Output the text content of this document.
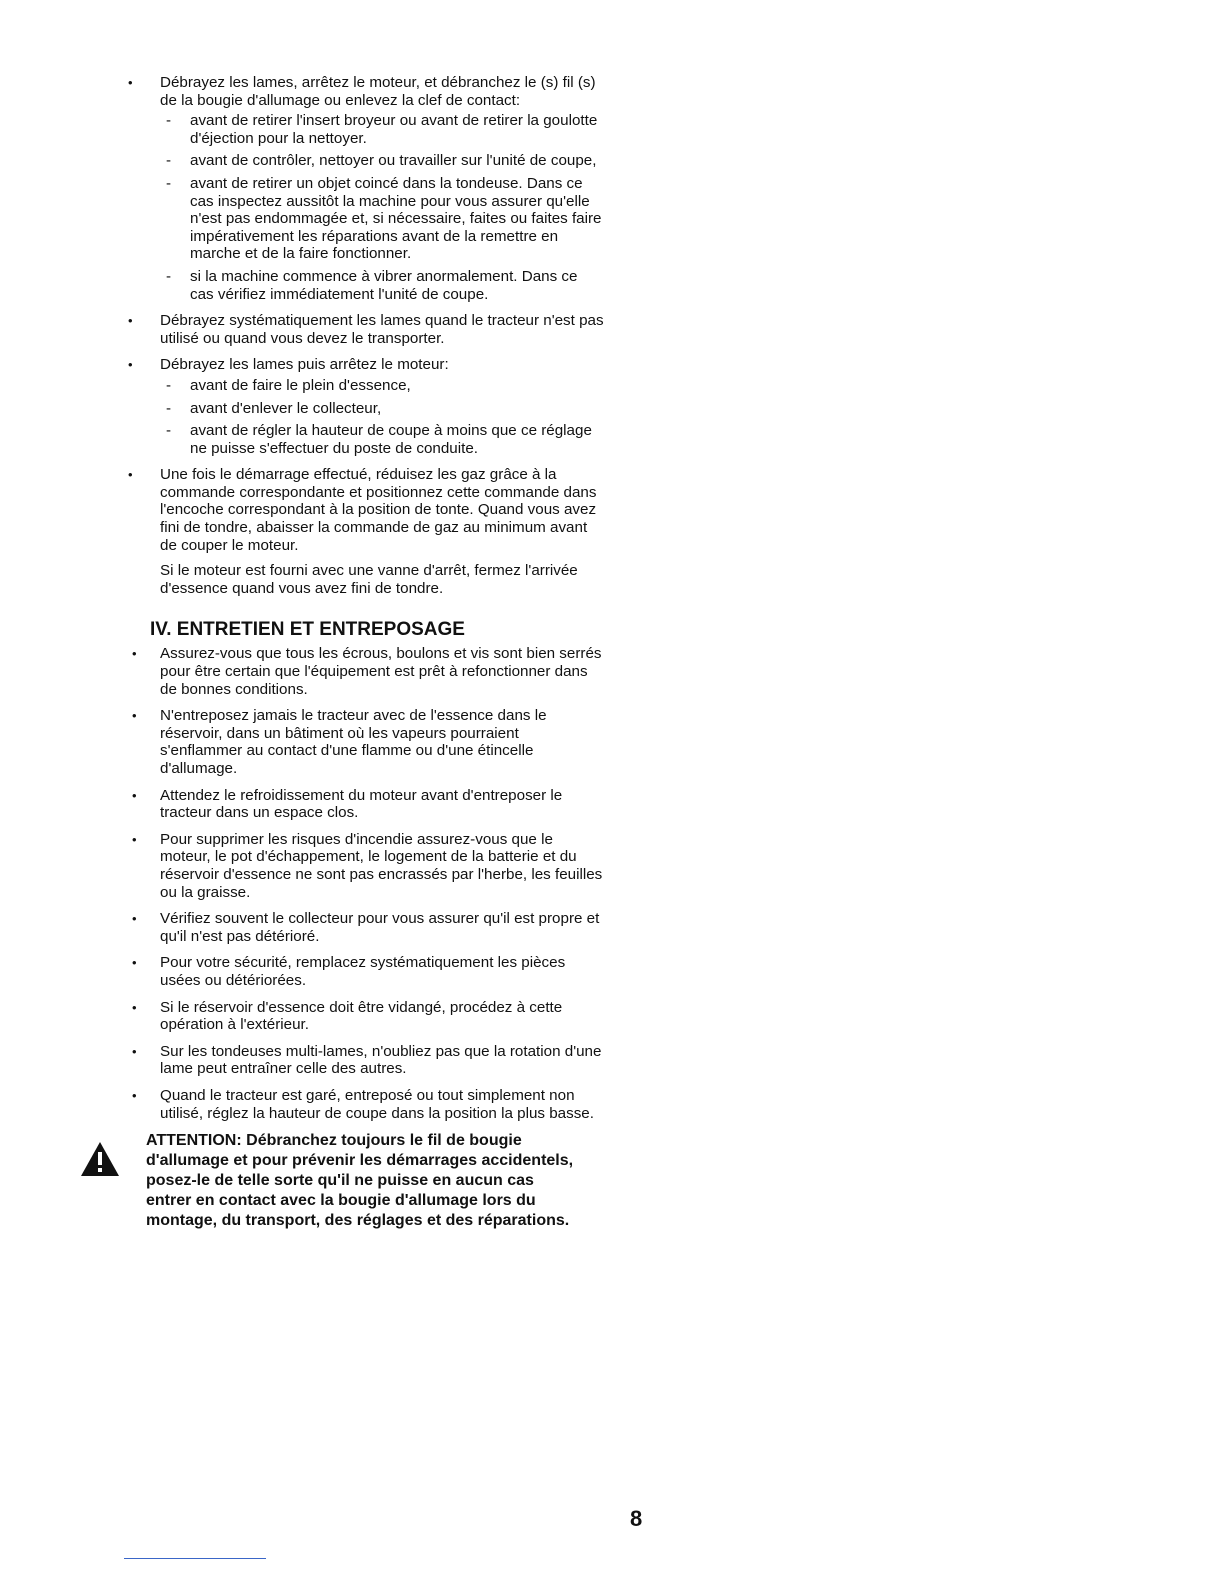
• Débrayez les lames, arrêtez le moteur, et débranchez le (s) fil (s) de la bougie d'allumage ou enlevez la clef de contact:
- avant de retirer l'insert broyeur ou avant de retirer la goulotte d'éjection pour la nettoyer.
- avant de contrôler, nettoyer ou travailler sur l'unité de coupe,
- avant de retirer un objet coincé dans la tondeuse. Dans ce cas inspectez aussitôt la machine pour vous assurer qu'elle n'est pas endommagée et, si nécessaire, faites ou faites faire impérativement les réparations avant de la remettre en marche et de la faire fonctionner.
- si la machine commence à vibrer anormalement. Dans ce cas vérifiez immédiatement l'unité de coupe.
• Débrayez systématiquement les lames quand le tracteur n'est pas utilisé ou quand vous devez le transporter.
• Débrayez les lames puis arrêtez le moteur:
- avant de faire le plein d'essence,
- avant d'enlever le collecteur,
- avant de régler la hauteur de coupe à moins que ce réglage ne puisse s'effectuer du poste de conduite.
• Une fois le démarrage effectué, réduisez les gaz grâce à la commande correspondante et positionnez cette commande dans l'encoche correspondant à la position de tonte. Quand vous avez fini de tondre, abaisser la commande de gaz au minimum avant de couper le moteur.
Si le moteur est fourni avec une vanne d'arrêt, fermez l'arrivée d'essence quand vous avez fini de tondre.
IV. ENTRETIEN ET ENTREPOSAGE
• Assurez-vous que tous les écrous, boulons et vis sont bien serrés pour être certain que l'équipement est prêt à refonctionner dans de bonnes conditions.
• N'entreposez jamais le tracteur avec de l'essence dans le réservoir, dans un bâtiment où les vapeurs pourraient s'enflammer au contact d'une flamme ou d'une étincelle d'allumage.
• Attendez le refroidissement du moteur avant d'entreposer le tracteur dans un espace clos.
• Pour supprimer les risques d'incendie assurez-vous que le moteur, le pot d'échappement, le logement de la batterie et du réservoir d'essence ne sont pas encrassés par l'herbe, les feuilles ou la graisse.
• Vérifiez souvent le collecteur pour vous assurer qu'il est propre et qu'il n'est pas détérioré.
• Pour votre sécurité, remplacez systématiquement les pièces usées ou détériorées.
• Si le réservoir d'essence doit être vidangé, procédez à cette opération à l'extérieur.
• Sur les tondeuses multi-lames, n'oubliez pas que la rotation d'une lame peut entraîner celle des autres.
• Quand le tracteur est garé, entreposé ou tout simplement non utilisé, réglez la hauteur de coupe dans la position la plus basse.
ATTENTION: Débranchez toujours le fil de bougie d'allumage et pour prévenir les démarrages accidentels, posez-le de telle sorte qu'il ne puisse en aucun cas entrer en contact avec la bougie d'allumage lors du montage, du transport, des réglages et des réparations.
8
